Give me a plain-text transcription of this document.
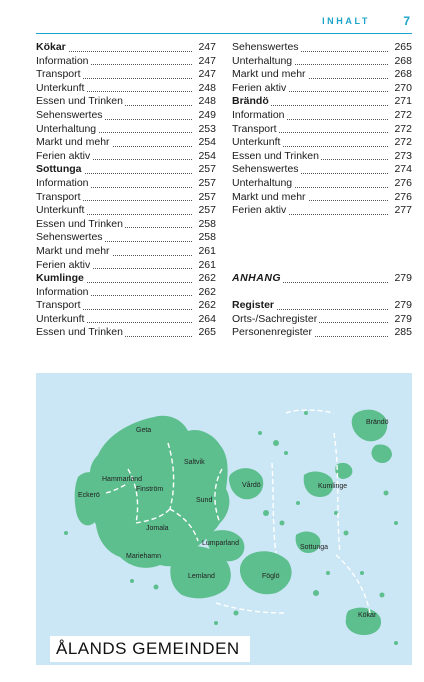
INHALT	7
Kökar	247
Information	247
Transport	247
Unterkunft	248
Essen und Trinken	248
Sehenswertes	249
Unterhaltung	253
Markt und mehr	254
Ferien aktiv	254
Sottunga	257
Information	257
Transport	257
Unterkunft	257
Essen und Trinken	258
Sehenswertes	258
Markt und mehr	261
Ferien aktiv	261
Kumlinge	262
Information	262
Transport	262
Unterkunft	264
Essen und Trinken	265
Sehenswertes	265
Unterhaltung	268
Markt und mehr	268
Ferien aktiv	270
Brändö	271
Information	272
Transport	272
Unterkunft	272
Essen und Trinken	273
Sehenswertes	274
Unterhaltung	276
Markt und mehr	276
Ferien aktiv	277
ANHANG	279
Register	279
Orts-/Sachregister	279
Personenregister	285
Geta
Saltvik
Hammarland
Finström
Eckerö
Sund
Vårdö	Kumlinge
Brändö
Jomala
Mariehamn
Lumparland
Sottunga
Lemland	Föglö
Kökar
ÅLANDS GEMEINDEN
